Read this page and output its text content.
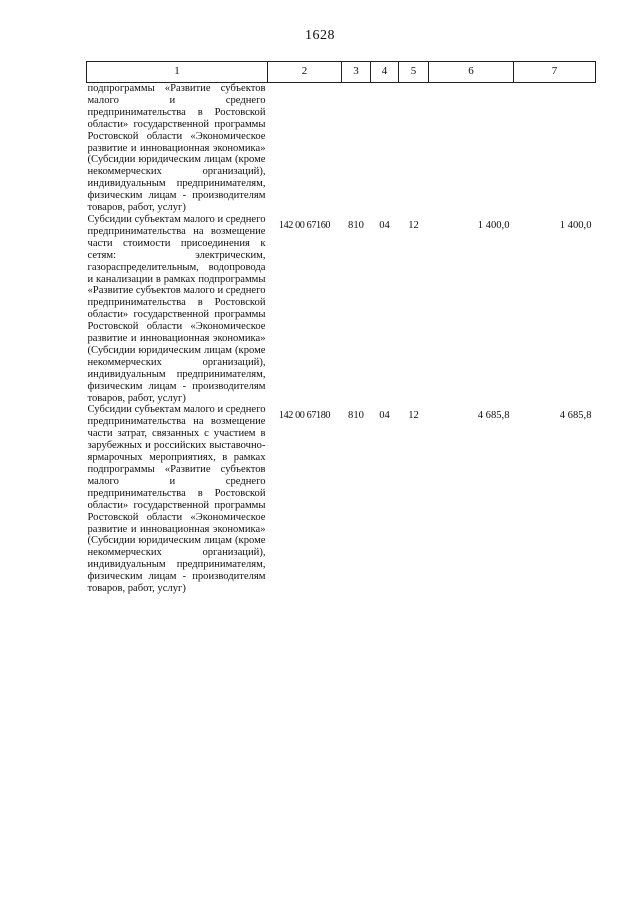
1628
1	2	3	4	5	6	7
подпрограммы «Развитие субъектов малого и среднего предпринимательства в Ростовской области» государственной программы Ростовской области «Экономическое развитие и инновационная экономика» (Субсидии юридическим лицам (кроме некоммерческих организаций), индивидуальным предпринимателям, физическим лицам - производителям товаров, работ, услуг)						
Субсидии субъектам малого и среднего предпринимательства на возмещение части стоимости присоединения к сетям: электрическим, газораспределительным, водопровода и канализации в рамках подпрограммы «Развитие субъектов малого и среднего предпринимательства в Ростовской области» государственной программы Ростовской области «Экономическое развитие и инновационная экономика» (Субсидии юридическим лицам (кроме некоммерческих организаций), индивидуальным предпринимателям, физическим лицам - производителям товаров, работ, услуг)	142 00 67160	810	04	12	1 400,0	1 400,0
Субсидии субъектам малого и среднего предпринимательства на возмещение части затрат, связанных с участием в зарубежных и российских выставочно-ярмарочных мероприятиях, в рамках подпрограммы «Развитие субъектов малого и среднего предпринимательства в Ростовской области» государственной программы Ростовской области «Экономическое развитие и инновационная экономика» (Субсидии юридическим лицам (кроме некоммерческих организаций), индивидуальным предпринимателям, физическим лицам - производителям товаров, работ, услуг)	142 00 67180	810	04	12	4 685,8	4 685,8
